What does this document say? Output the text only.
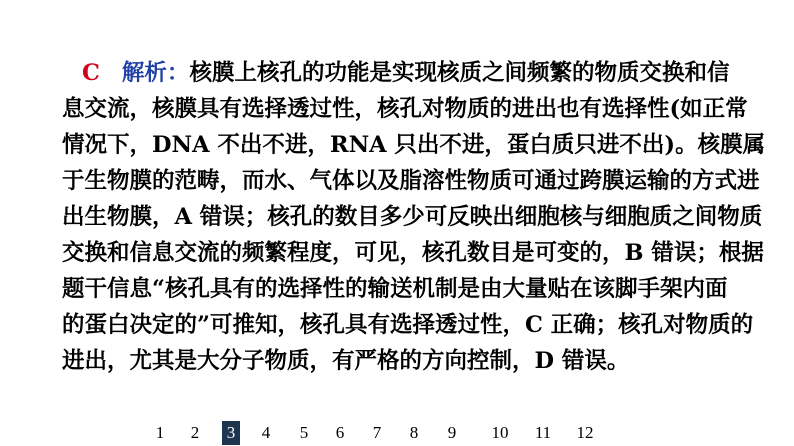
C 解析：核膜上核孔的功能是实现核质之间频繁的物质交换和信
息交流，核膜具有选择透过性，核孔对物质的进出也有选择性(如正常
情况下，DNA 不出不进，RNA 只出不进，蛋白质只进不出)。核膜属
于生物膜的范畴，而水、气体以及脂溶性物质可通过跨膜运输的方式进
出生物膜，A 错误；核孔的数目多少可反映出细胞核与细胞质之间物质
交换和信息交流的频繁程度，可见，核孔数目是可变的，B 错误；根据
题干信息“核孔具有的选择性的输送机制是由大量贴在该脚手架内面
的蛋白决定的”可推知，核孔具有选择透过性，C 正确；核孔对物质的
进出，尤其是大分子物质，有严格的方向控制，D 错误。
1 2 3 4 5 6 7 8 9 10 11 12
